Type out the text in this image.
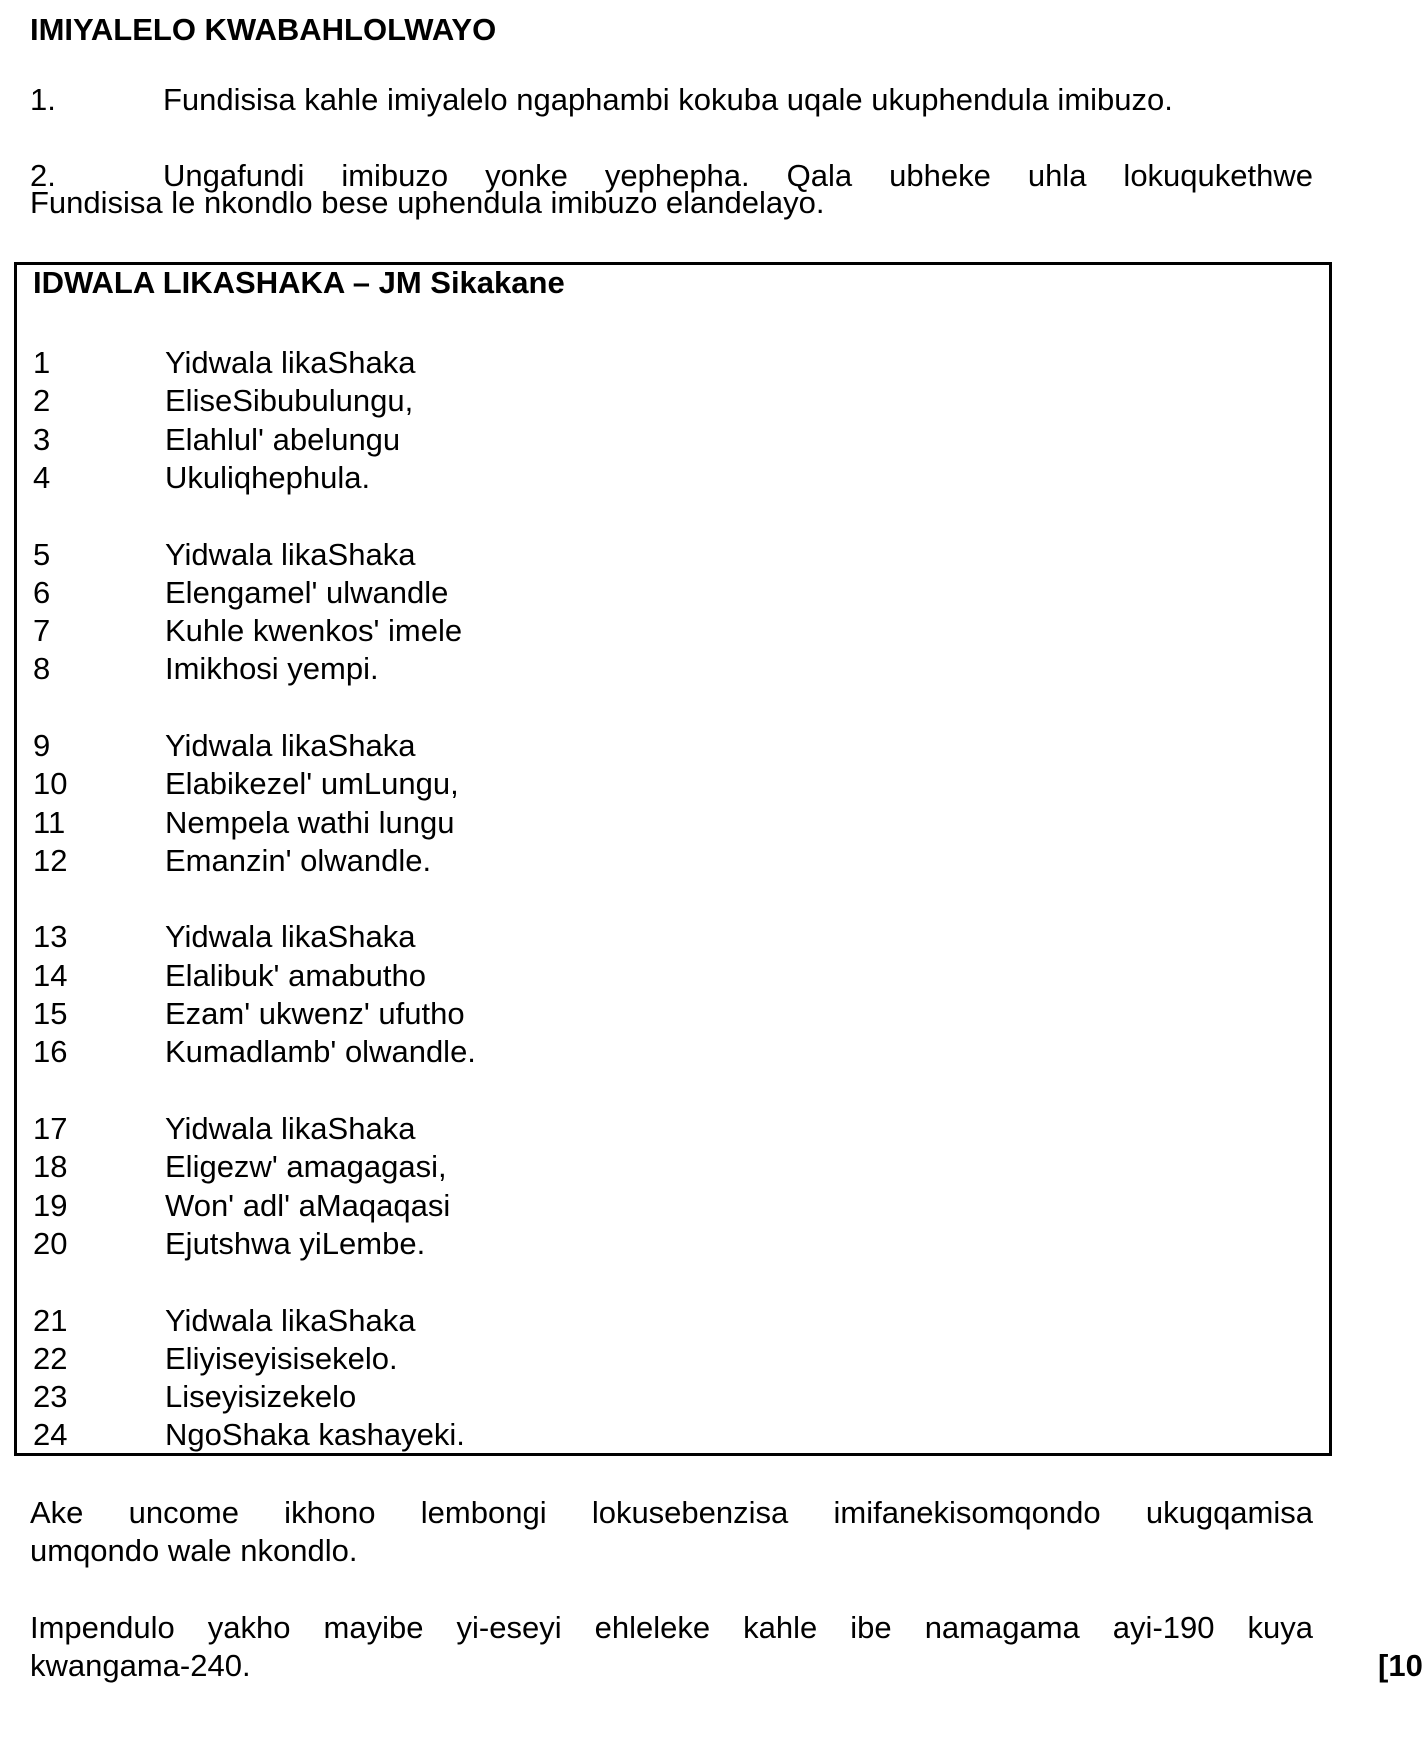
IMIYALELO KWABAHLOLWAYO
1.	Fundisisa kahle imiyalelo ngaphambi kokuba uqale ukuphendula imibuzo.
2.	Ungafundi imibuzo yonke yephepha. Qala ubheke uhla lokuqukethwe
Fundisisa le nkondlo bese uphendula imibuzo elandelayo.
IDWALA LIKASHAKA – JM Sikakane
1	Yidwala likaShaka
2	EliseSibubulungu,
3	Elahlul' abelungu
4	Ukuliqhephula.
5	Yidwala likaShaka
6	Elengamel' ulwandle
7	Kuhle kwenkos' imele
8	Imikhosi yempi.
9	Yidwala likaShaka
10	Elabikezel' umLungu,
11	Nempela wathi lungu
12	Emanzin' olwandle.
13	Yidwala likaShaka
14	Elalibuk' amabutho
15	Ezam' ukwenz' ufutho
16	Kumadlamb' olwandle.
17	Yidwala likaShaka
18	Eligezw' amagagasi,
19	Won' adl' aMaqaqasi
20	Ejutshwa yiLembe.
21	Yidwala likaShaka
22	Eliyiseyisisekelo.
23	Liseyisizekelo
24	NgoShaka kashayeki.
Ake uncome ikhono lembongi lokusebenzisa imifanekisomqondo ukugqamisa
umqondo wale nkondlo.
Impendulo yakho mayibe yi-eseyi ehleleke kahle ibe namagama ayi-190 kuya
kwangama-240.	[10
